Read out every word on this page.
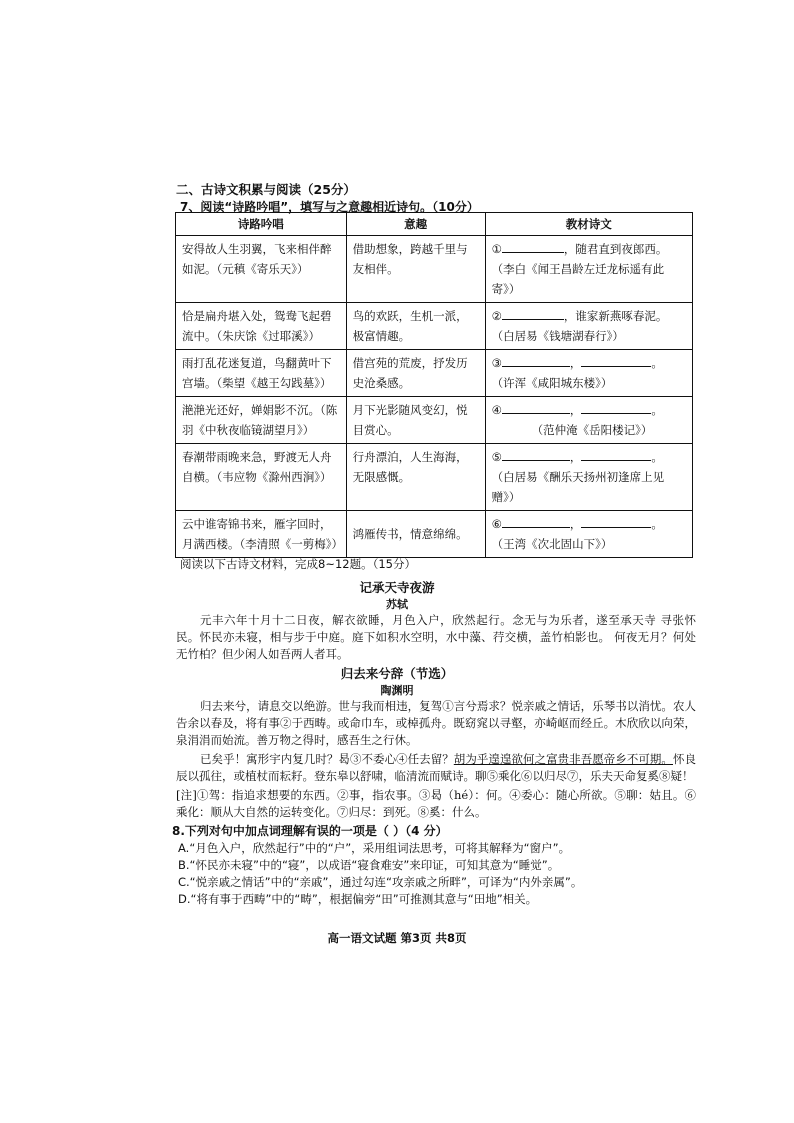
二、古诗文积累与阅读（25分）
7、阅读“诗路吟唱”，填写与之意趣相近诗句。（10分）
诗路吟唱	意趣	教材诗文
安得故人生羽翼，飞来相伴醉如泥。（元稹《寄乐天》）	借助想象，跨越千里与友相伴。	① ，随君直到夜郎西。
（李白《闻王昌龄左迁龙标遥有此寄》）
恰是扁舟堪入处，鸳鸯飞起碧流中。（朱庆馀《过耶溪》）	鸟的欢跃，生机一派，极富情趣。	② ，谁家新燕啄春泥。
（白居易《钱塘湖春行》）
雨打乱花迷复道，鸟翻黄叶下宫墙。（柴望《越王勾践墓》）	借宫苑的荒废，抒发历史沧桑感。	③ ， 。
（许浑《咸阳城东楼》）
滟滟光还好，婵娟影不沉。（陈羽《中秋夜临镜湖望月》）	月下光影随风变幻，悦目赏心。	④ ， 。
（范仲淹《岳阳楼记》）
春潮带雨晚来急，野渡无人舟自横。（韦应物《滁州西涧》）	行舟漂泊，人生海海，无限感慨。	⑤ ， 。
（白居易《酬乐天扬州初逢席上见赠》）
云中谁寄锦书来，雁字回时，月满西楼。（李清照《一剪梅》）	鸿雁传书，情意绵绵。	⑥ ， 。
（王湾《次北固山下》）
阅读以下古诗文材料，完成8~12题。（15分）
记承天寺夜游
苏轼
元丰六年十月十二日夜，解衣欲睡，月色入户，欣然起行。念无与为乐者，遂至承天寺 寻张怀民。怀民亦未寝，相与步于中庭。庭下如积水空明，水中藻、荇交横，盖竹柏影也。 何夜无月？何处无竹柏？但少闲人如吾两人者耳。
归去来兮辞（节选）
陶渊明
归去来兮，请息交以绝游。世与我而相违，复驾①言兮焉求？悦亲戚之情话，乐琴书以消忧。农人告余以春及，将有事②于西畴。或命巾车，或棹孤舟。既窈窕以寻壑，亦崎岖而经丘。木欣欣以向荣，泉涓涓而始流。善万物之得时，感吾生之行休。
已矣乎！寓形宇内复几时？曷③不委心④任去留？胡为乎遑遑欲何之富贵非吾愿帝乡不可期。怀良辰以孤往，或植杖而耘耔。登东皋以舒啸，临清流而赋诗。聊⑤乘化⑥以归尽⑦，乐夫天命复奚⑧疑！
[注]①驾：指追求想要的东西。②事，指农事。③曷（hé）：何。④委心：随心所欲。⑤聊：姑且。⑥乘化：顺从大自然的运转变化。⑦归尽：到死。⑧奚：什么。
8.下列对句中加点词理解有误的一项是（ ）（4 分）
A.“月色入户，欣然起行”中的“户”，采用组词法思考，可将其解释为“窗户”。
B.“怀民亦未寝”中的“寝”，以成语“寝食难安”来印证，可知其意为“睡觉”。
C.“悦亲戚之情话”中的“亲戚”，通过勾连“攻亲戚之所畔”，可译为“内外亲属”。
D.“将有事于西畴”中的“畴”，根据偏旁“田”可推测其意与“田地”相关。
高一语文试题 第3页 共8页
